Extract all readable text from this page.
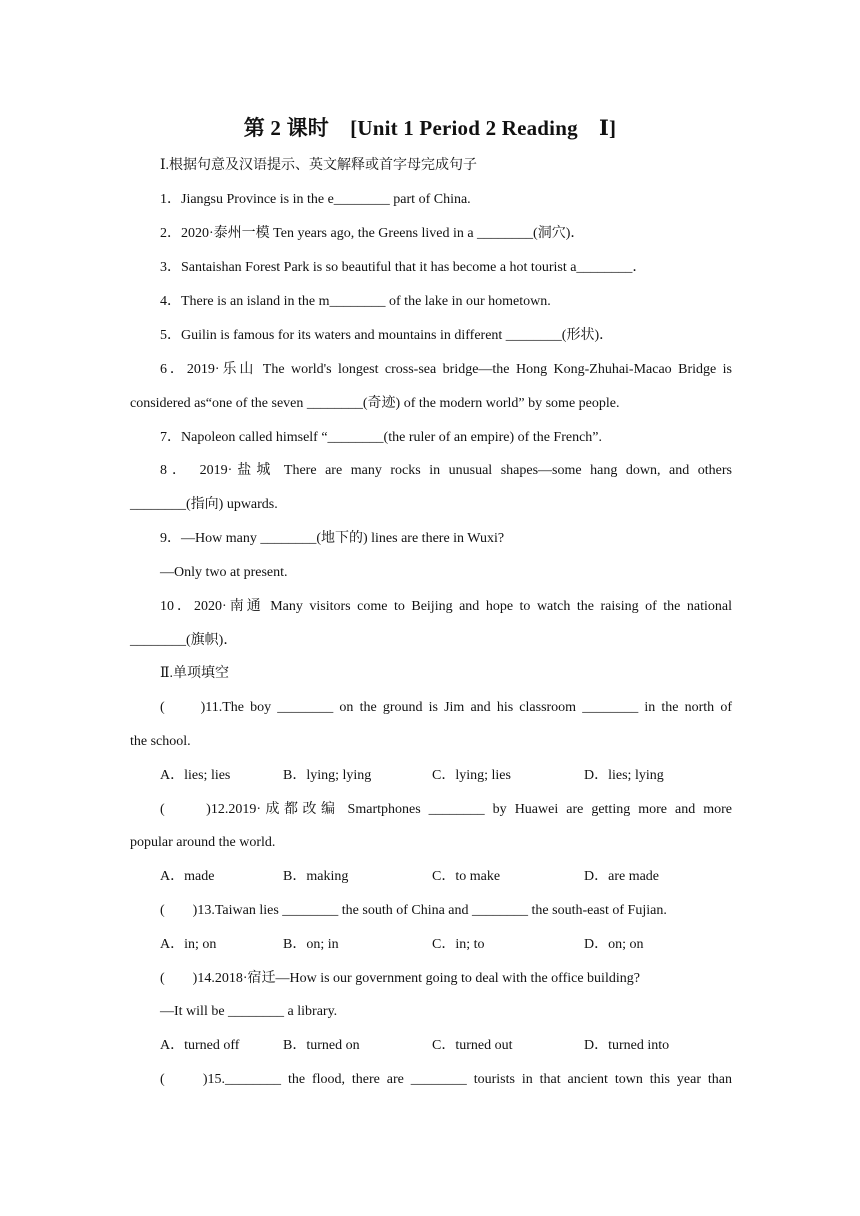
第 2 课时　[Unit 1 Period 2 Reading　Ⅰ]
Ⅰ.根据句意及汉语提示、英文解释或首字母完成句子
1．Jiangsu Province is in the e________ part of China.
2．2020·泰州一模 Ten years ago, the Greens lived in a ________(洞穴)．
3．Santaishan Forest Park is so beautiful that it has become a hot tourist a________．
4．There is an island in the m________ of the lake in our hometown.
5．Guilin is famous for its waters and mountains in different ________(形状)．
6．2019·乐山 The world's longest cross-sea bridge—the Hong Kong-Zhuhai-Macao Bridge is
considered as“one of the seven ________(奇迹) of the modern world” by some people.
7．Napoleon called himself “________(the ruler of an empire) of the French”.
8． 2019·盐城 There are many rocks in unusual shapes—some hang down, and others
________(指向) upwards.
9．—How many ________(地下的) lines are there in Wuxi?
—Only two at present.
10．2020·南通 Many visitors come to Beijing and hope to watch the raising of the national
________(旗帜)．
Ⅱ.单项填空
(　　)11.The boy ________ on the ground is Jim and his classroom ________ in the north of
the school.
A．lies; lies	B．lying; lying	C．lying; lies	D．lies; lying
(　　)12.2019·成都改编 Smartphones ________ by Huawei are getting more and more
popular around the world.
A．made	B．making	C．to make	D．are made
(　　)13.Taiwan lies ________ the south of China and ________ the south-east of Fujian.
A．in; on	B．on; in	C．in; to	D．on; on
(　　)14.2018·宿迁—How is our government going to deal with the office building?
—It will be ________ a library.
A．turned off	B．turned on	C．turned out	D．turned into
(　　)15.________ the flood, there are ________ tourists in that ancient town this year than
